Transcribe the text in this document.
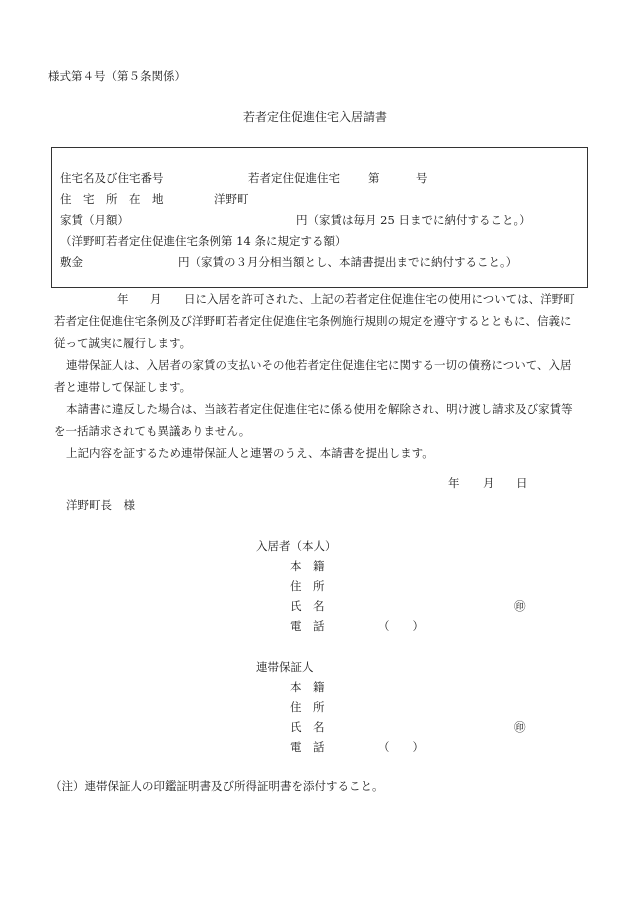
様式第４号（第５条関係）
若者定住促進住宅入居請書
住宅名及び住宅番号	若者定住促進住宅 第	号
住　宅　所　在　地	洋野町
家賃（月額）	円（家賃は毎月 25 日までに納付すること。）
（洋野町若者定住促進住宅条例第 14 条に規定する額）
敷金	円（家賃の３月分相当額とし、本請書提出までに納付すること。）
年 月 日に入居を許可された、上記の若者定住促進住宅の使用については、洋野町
若者定住促進住宅条例及び洋野町若者定住促進住宅条例施行規則の規定を遵守するとともに、信義に
従って誠実に履行します。
連帯保証人は、入居者の家賃の支払いその他若者定住促進住宅に関する一切の債務について、入居
者と連帯して保証します。
本請書に違反した場合は、当該若者定住促進住宅に係る使用を解除され、明け渡し請求及び家賃等
を一括請求されても異議ありません。
上記内容を証するため連帯保証人と連署のうえ、本請書を提出します。
年 月 日
洋野町長　様
入居者（本人）
本　籍
住　所
氏　名	㊞
電　話	（　　）
連帯保証人
本　籍
住　所
氏　名	㊞
電　話	（　　）
（注）連帯保証人の印鑑証明書及び所得証明書を添付すること。
